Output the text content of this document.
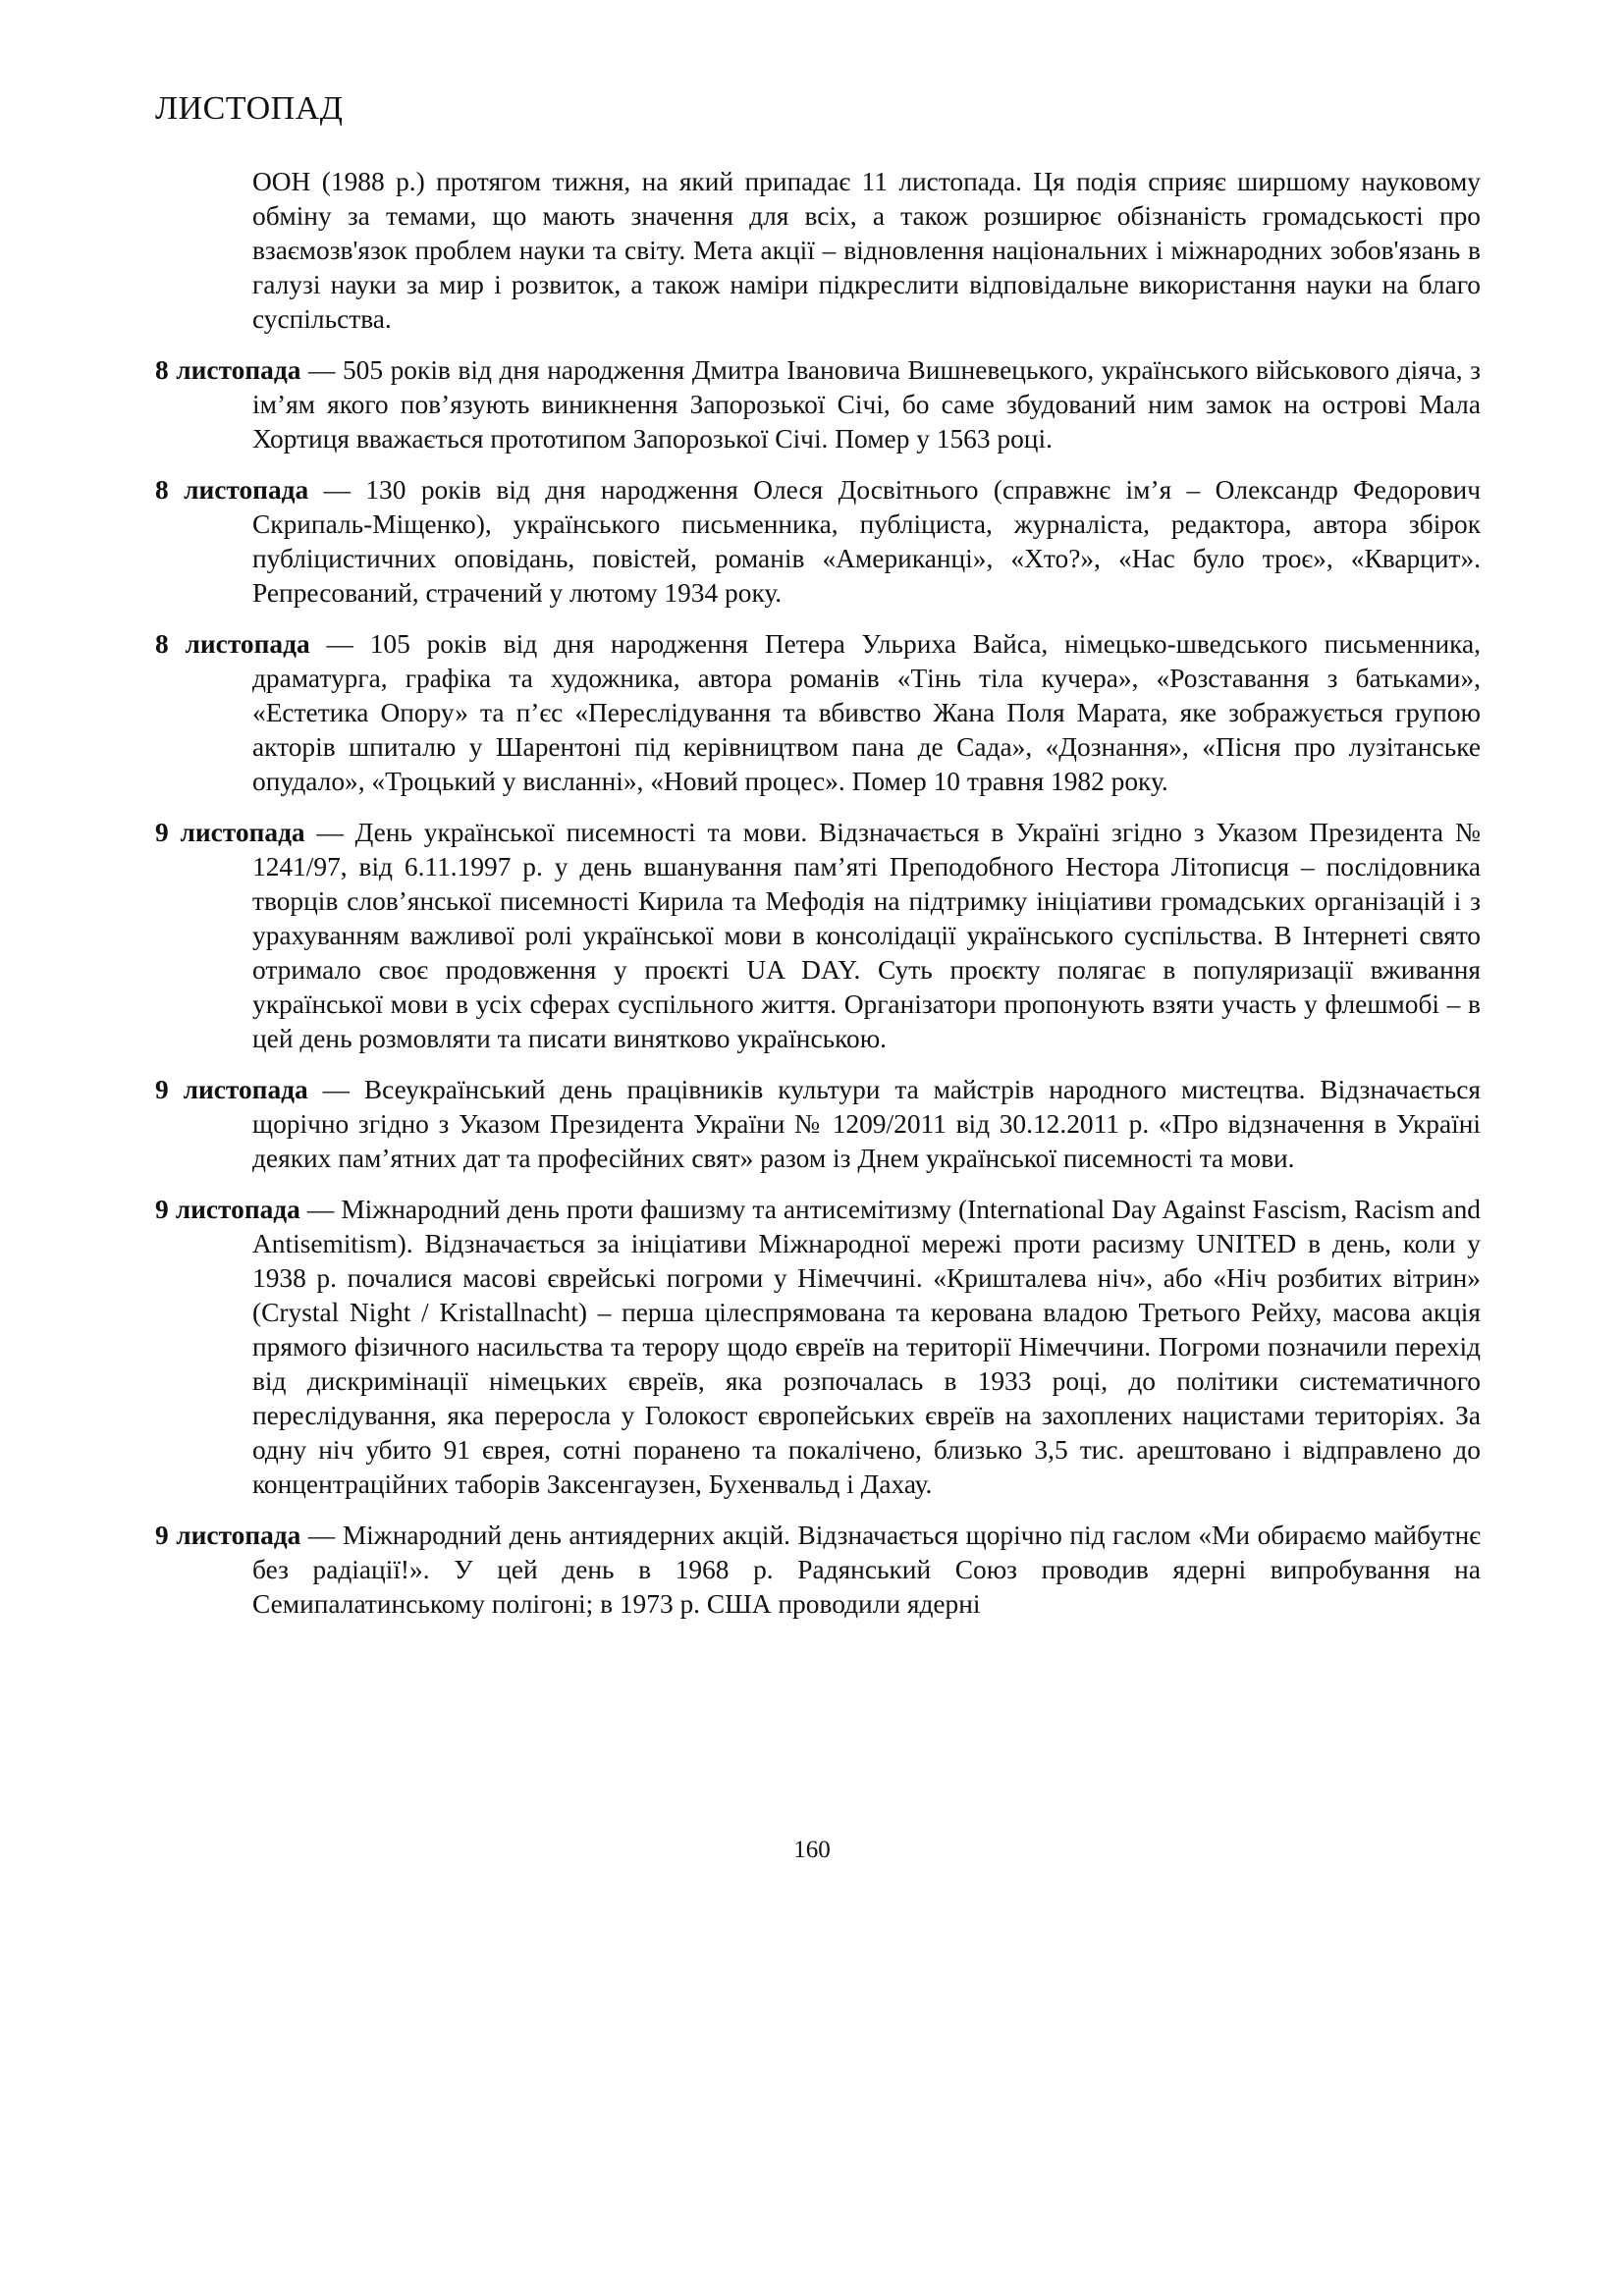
ЛИСТОПАД

ООН (1988 р.) протягом тижня, на який припадає 11 листопада. Ця подія сприяє ширшому науковому обміну за темами, що мають значення для всіх, а також розширює обізнаність громадськості про взаємозв'язок проблем науки та світу. Мета акції – відновлення національних і міжнародних зобов'язань в галузі науки за мир і розвиток, а також наміри підкреслити відповідальне використання науки на благо суспільства.

8 листопада — 505 років від дня народження Дмитра Івановича Вишневецького, українського військового діяча, з ім’ям якого пов’язують виникнення Запорозької Січі, бо саме збудований ним замок на острові Мала Хортиця вважається прототипом Запорозької Січі. Помер у 1563 році.

8 листопада — 130 років від дня народження Олеся Досвітнього (справжнє ім’я – Олександр Федорович Скрипаль-Міщенко), українського письменника, публіциста, журналіста, редактора, автора збірок публіцистичних оповідань, повістей, романів «Американці», «Хто?», «Нас було троє», «Кварцит». Репресований, страчений у лютому 1934 року.

8 листопада — 105 років від дня народження Петера Ульриха Вайса, німецько-шведського письменника, драматурга, графіка та художника, автора романів «Тінь тіла кучера», «Розставання з батьками», «Естетика Опору» та п’єс «Переслідування та вбивство Жана Поля Марата, яке зображується групою акторів шпиталю у Шарентоні під керівництвом пана де Сада», «Дознання», «Пісня про лузітанське опудало», «Троцький у висланні», «Новий процес». Помер 10 травня 1982 року.

9 листопада — День української писемності та мови. Відзначається в Україні згідно з Указом Президента № 1241/97, від 6.11.1997 р. у день вшанування пам’яті Преподобного Нестора Літописця – послідовника творців слов’янської писемності Кирила та Мефодія на підтримку ініціативи громадських організацій і з урахуванням важливої ролі української мови в консолідації українського суспільства. В Інтернеті свято отримало своє продовження у проєкті UA DAY. Суть проєкту полягає в популяризації вживання української мови в усіх сферах суспільного життя. Організатори пропонують взяти участь у флешмобі – в цей день розмовляти та писати винятково українською.

9 листопада — Всеукраїнський день працівників культури та майстрів народного мистецтва. Відзначається щорічно згідно з Указом Президента України № 1209/2011 від 30.12.2011 р. «Про відзначення в Україні деяких пам’ятних дат та професійних свят» разом із Днем української писемності та мови.

9 листопада — Міжнародний день проти фашизму та антисемітизму (International Day Against Fascism, Racism and Antisemitism). Відзначається за ініціативи Міжнародної мережі проти расизму UNITED в день, коли у 1938 р. почалися масові єврейські погроми у Німеччині. «Кришталева ніч», або «Ніч розбитих вітрин» (Crystal Night / Kristallnacht) – перша цілеспрямована та керована владою Третього Рейху, масова акція прямого фізичного насильства та терору щодо євреїв на території Німеччини. Погроми позначили перехід від дискримінації німецьких євреїв, яка розпочалась в 1933 році, до політики систематичного переслідування, яка переросла у Голокост європейських євреїв на захоплених нацистами територіях. За одну ніч убито 91 єврея, сотні поранено та покалічено, близько 3,5 тис. арештовано і відправлено до концентраційних таборів Заксенгаузен, Бухенвальд і Дахау.

9 листопада — Міжнародний день антиядерних акцій. Відзначається щорічно під гаслом «Ми обираємо майбутнє без радіації!». У цей день в 1968 р. Радянський Союз проводив ядерні випробування на Семипалатинському полігоні; в 1973 р. США проводили ядерні

160
